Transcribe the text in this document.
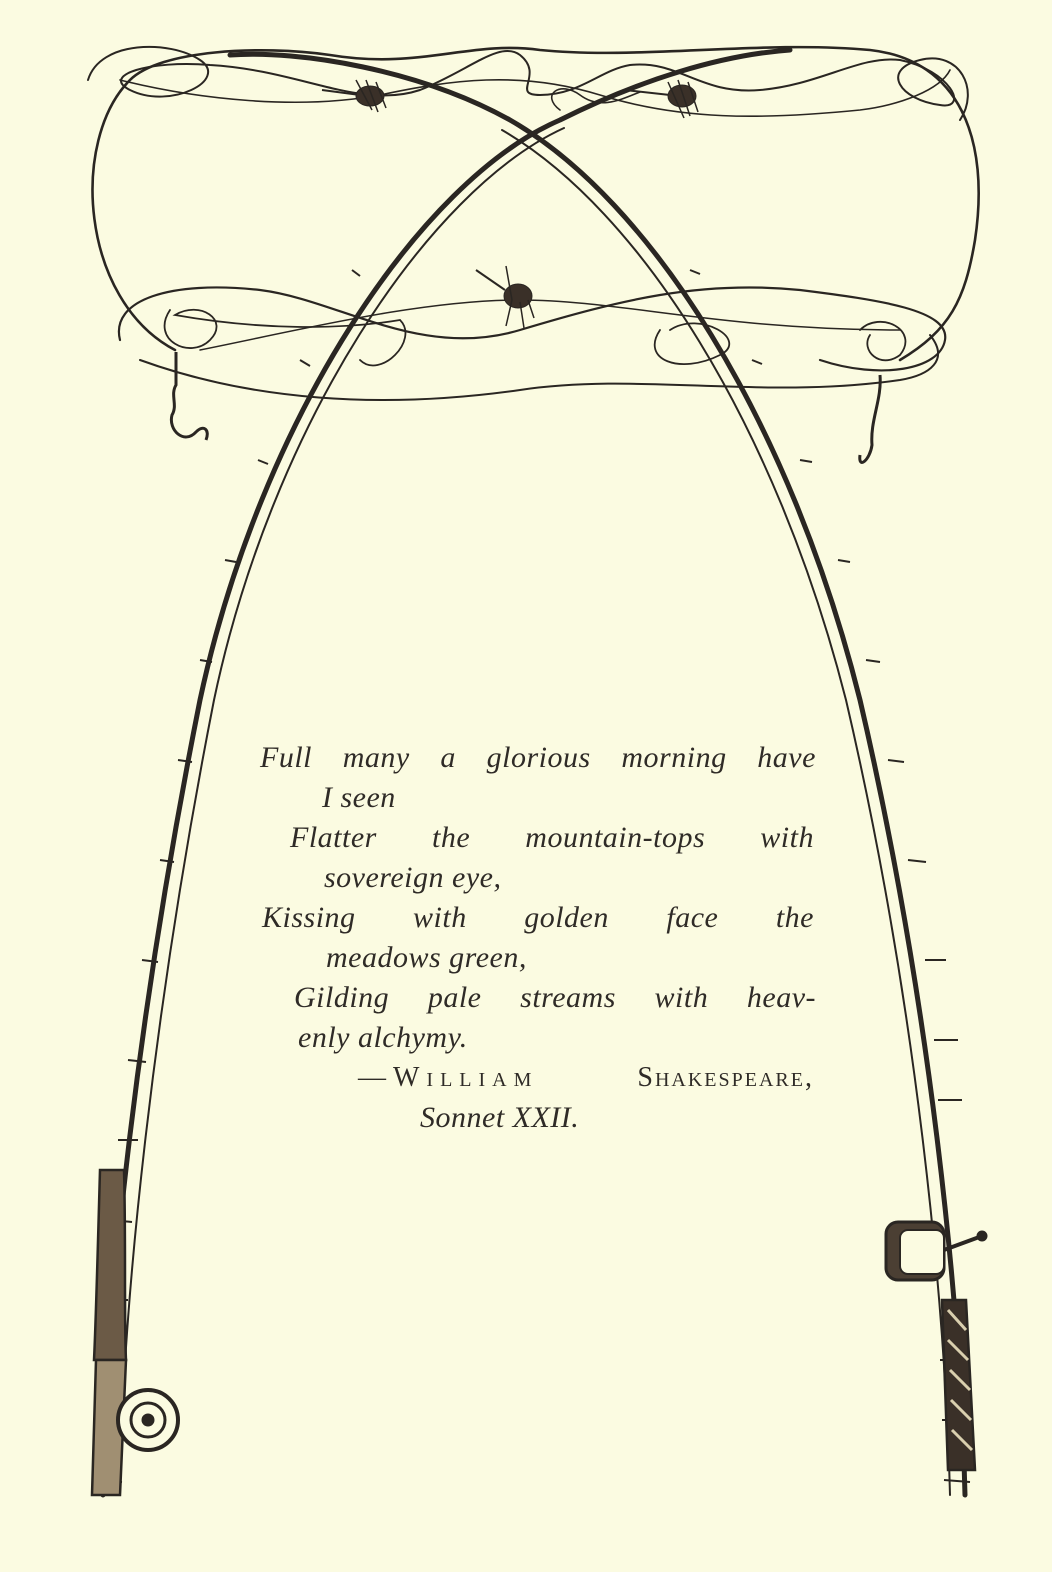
Full many a glorious morning have
I seen
Flatter the mountain-tops with
sovereign eye,
Kissing with golden face the
meadows green,
Gilding pale streams with heav-
enly alchymy.
—William	Shakespeare,
Sonnet XXII.
